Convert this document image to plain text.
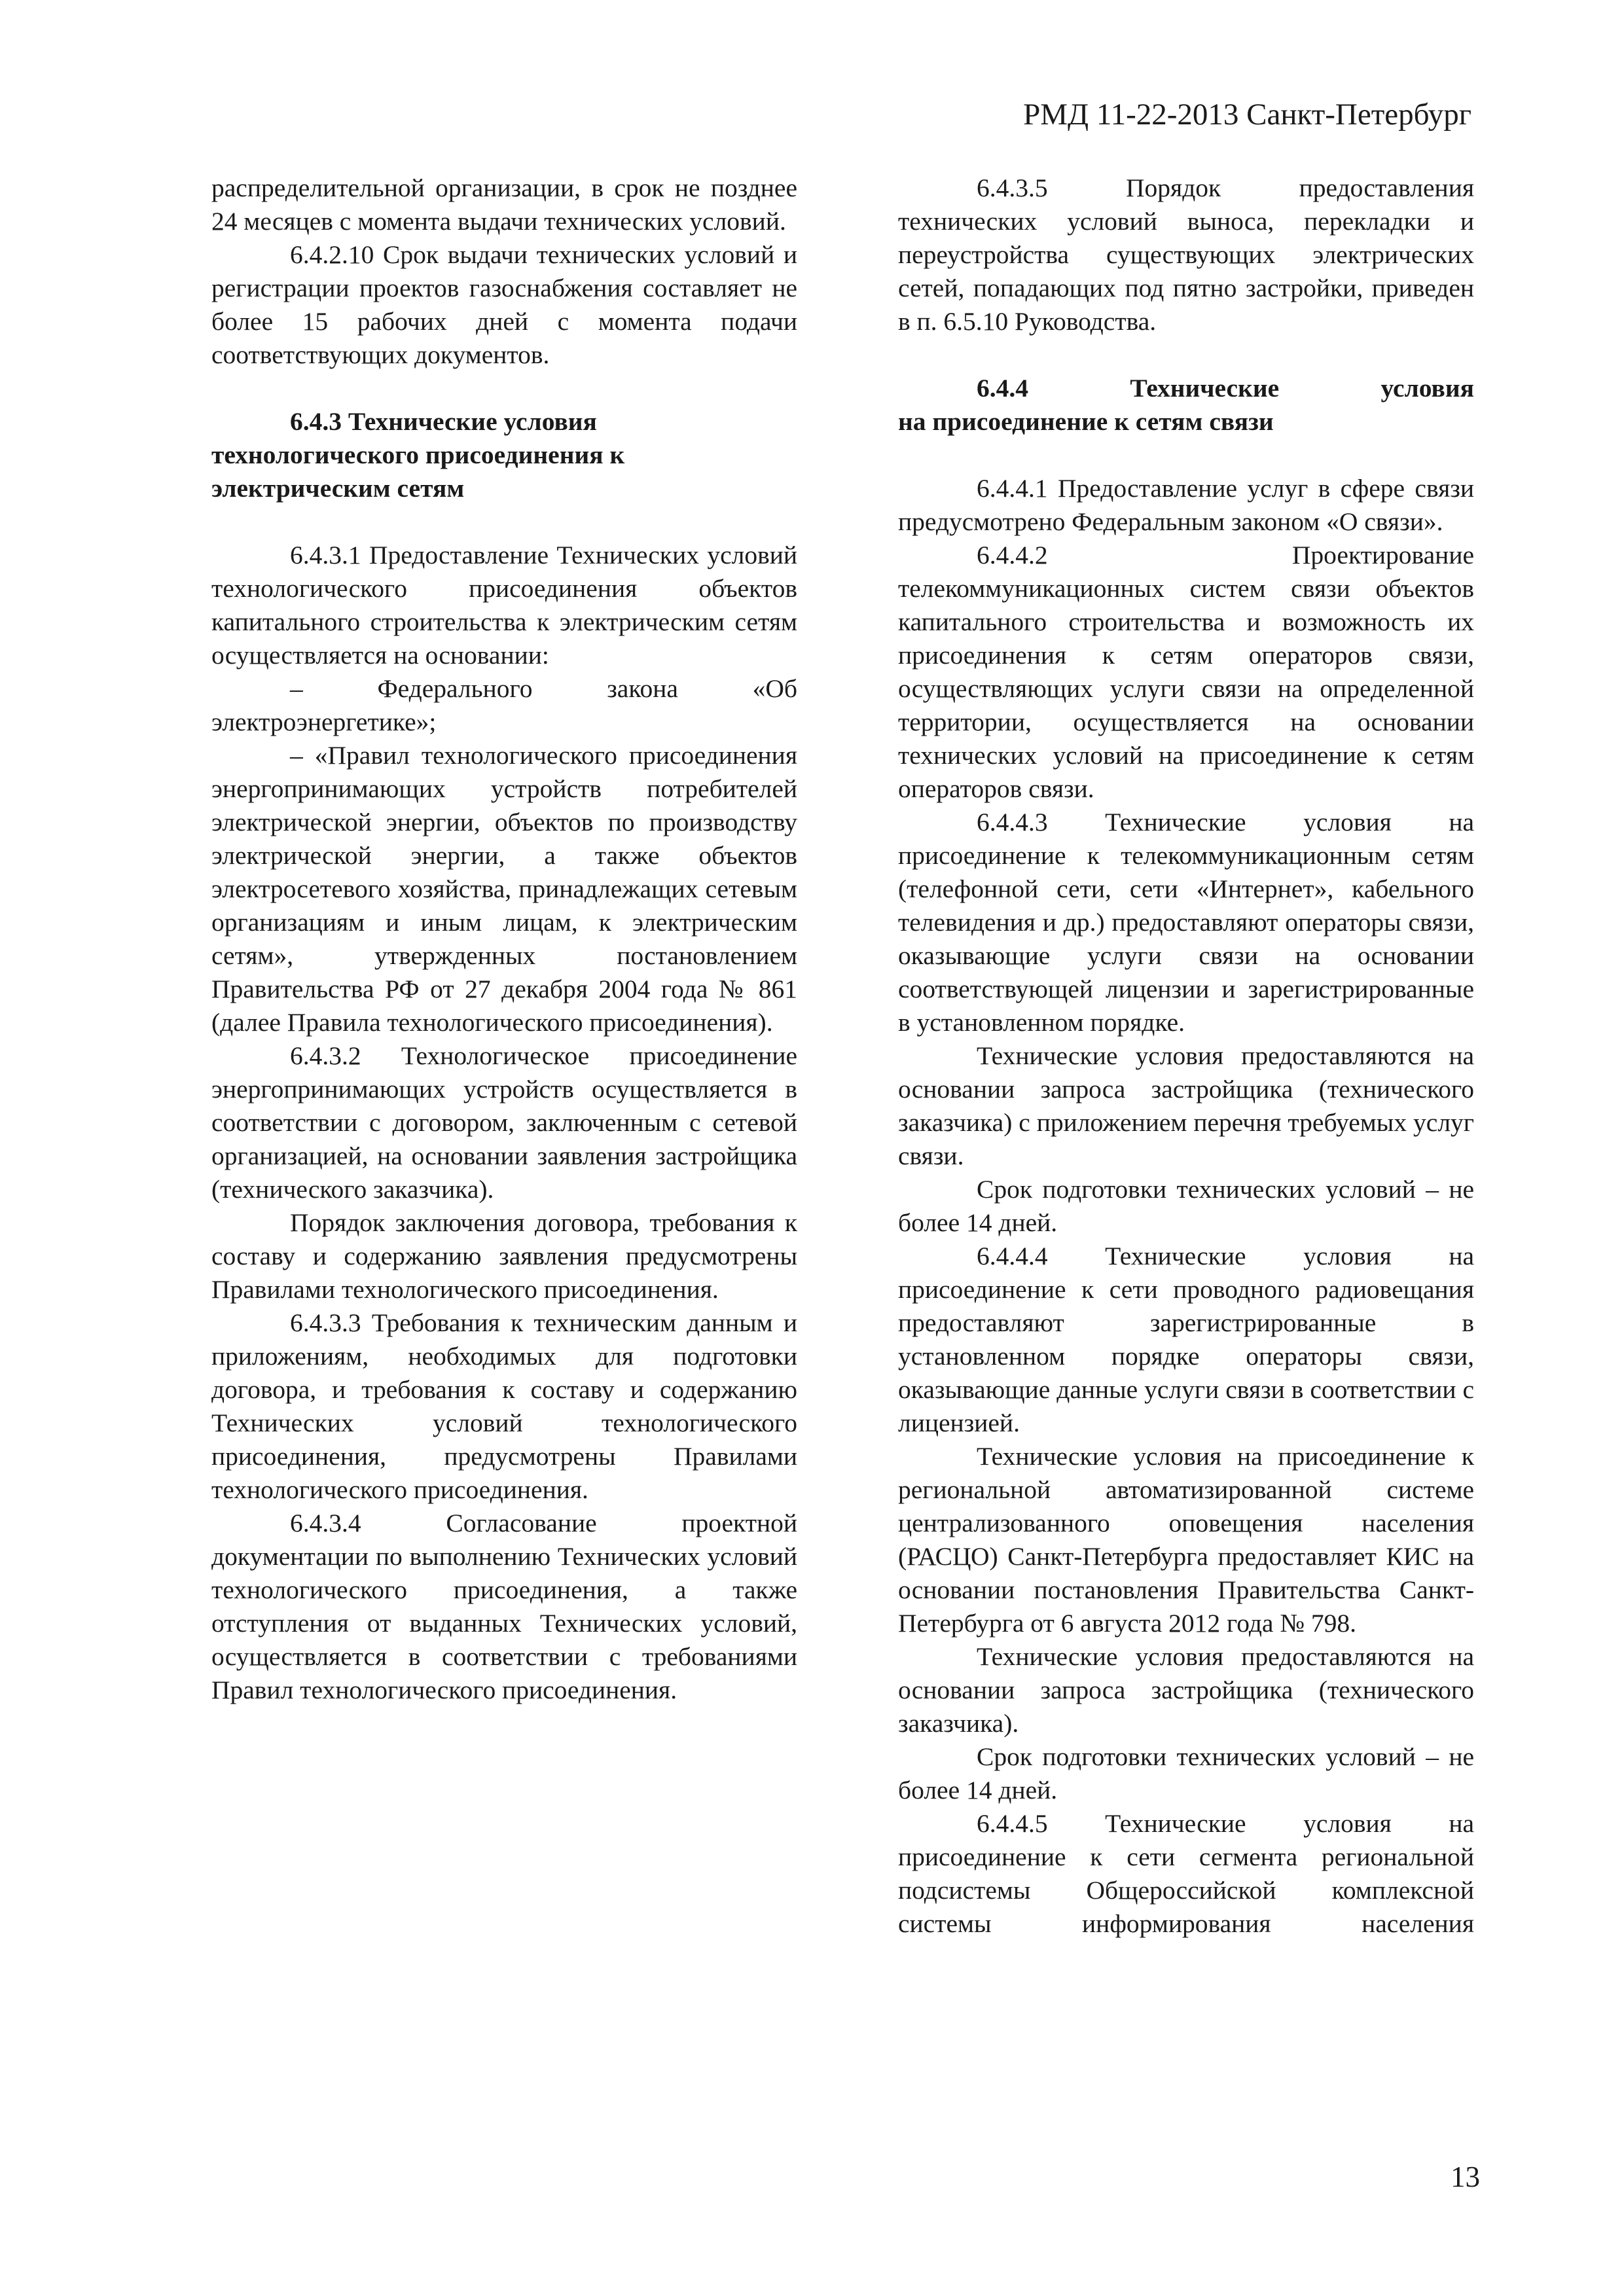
РМД 11-22-2013 Санкт-Петербург

распределительной организации, в срок не позднее 24 месяцев с момента выдачи технических условий.

6.4.2.10 Срок выдачи технических условий и регистрации проектов газоснабжения составляет не более 15 рабочих дней с момента подачи соответствующих документов.

6.4.3 Технические условия технологического присоединения к электрическим сетям

6.4.3.1 Предоставление Технических условий технологического присоединения объектов капитального строительства к электрическим сетям осуществляется на основании:

– Федерального закона «Об электроэнергетике»;

– «Правил технологического присоединения энергопринимающих устройств потребителей электрической энергии, объектов по производству электрической энергии, а также объектов электросетевого хозяйства, принадлежащих сетевым организациям и иным лицам, к электрическим сетям», утвержденных постановлением Правительства РФ от 27 декабря 2004 года № 861 (далее Правила технологического присоединения).

6.4.3.2 Технологическое присоединение энергопринимающих устройств осуществляется в соответствии с договором, заключенным с сетевой организацией, на основании заявления застройщика (технического заказчика).

Порядок заключения договора, требования к составу и содержанию заявления предусмотрены Правилами технологического присоединения.

6.4.3.3 Требования к техническим данным и приложениям, необходимых для подготовки договора, и требования к составу и содержанию Технических условий технологического присоединения, предусмотрены Правилами технологического присоединения.

6.4.3.4 Согласование проектной документации по выполнению Технических условий технологического присоединения, а также отступления от выданных Технических условий, осуществляется в соответствии с требованиями Правил технологического присоединения.

6.4.3.5 Порядок предоставления технических условий выноса, перекладки и переустройства существующих электрических сетей, попадающих под пятно застройки, приведен в п. 6.5.10 Руководства.

6.4.4	Технические	условия
на присоединение к сетям связи

6.4.4.1 Предоставление услуг в сфере связи предусмотрено Федеральным законом «О связи».

6.4.4.2 Проектирование телекоммуникационных систем связи объектов капитального строительства и возможность их присоединения к сетям операторов связи, осуществляющих услуги связи на определенной территории, осуществляется на основании технических условий на присоединение к сетям операторов связи.

6.4.4.3 Технические условия на присоединение к телекоммуникационным сетям (телефонной сети, сети «Интернет», кабельного телевидения и др.) предоставляют операторы связи, оказывающие услуги связи на основании соответствующей лицензии и зарегистрированные в установленном порядке.

Технические условия предоставляются на основании запроса застройщика (технического заказчика) с приложением перечня требуемых услуг связи.

Срок подготовки технических условий – не более 14 дней.

6.4.4.4 Технические условия на присоединение к сети проводного радиовещания предоставляют зарегистрированные в установленном порядке операторы связи, оказывающие данные услуги связи в соответствии с лицензией.

Технические условия на присоединение к региональной автоматизированной системе централизованного оповещения населения (РАСЦО) Санкт-Петербурга предоставляет КИС на основании постановления Правительства Санкт-Петербурга от 6 августа 2012 года № 798.

Технические условия предоставляются на основании запроса застройщика (технического заказчика).

Срок подготовки технических условий – не более 14 дней.

6.4.4.5 Технические условия на присоединение к сети сегмента региональной подсистемы Общероссийской комплексной системы информирования населения

13
